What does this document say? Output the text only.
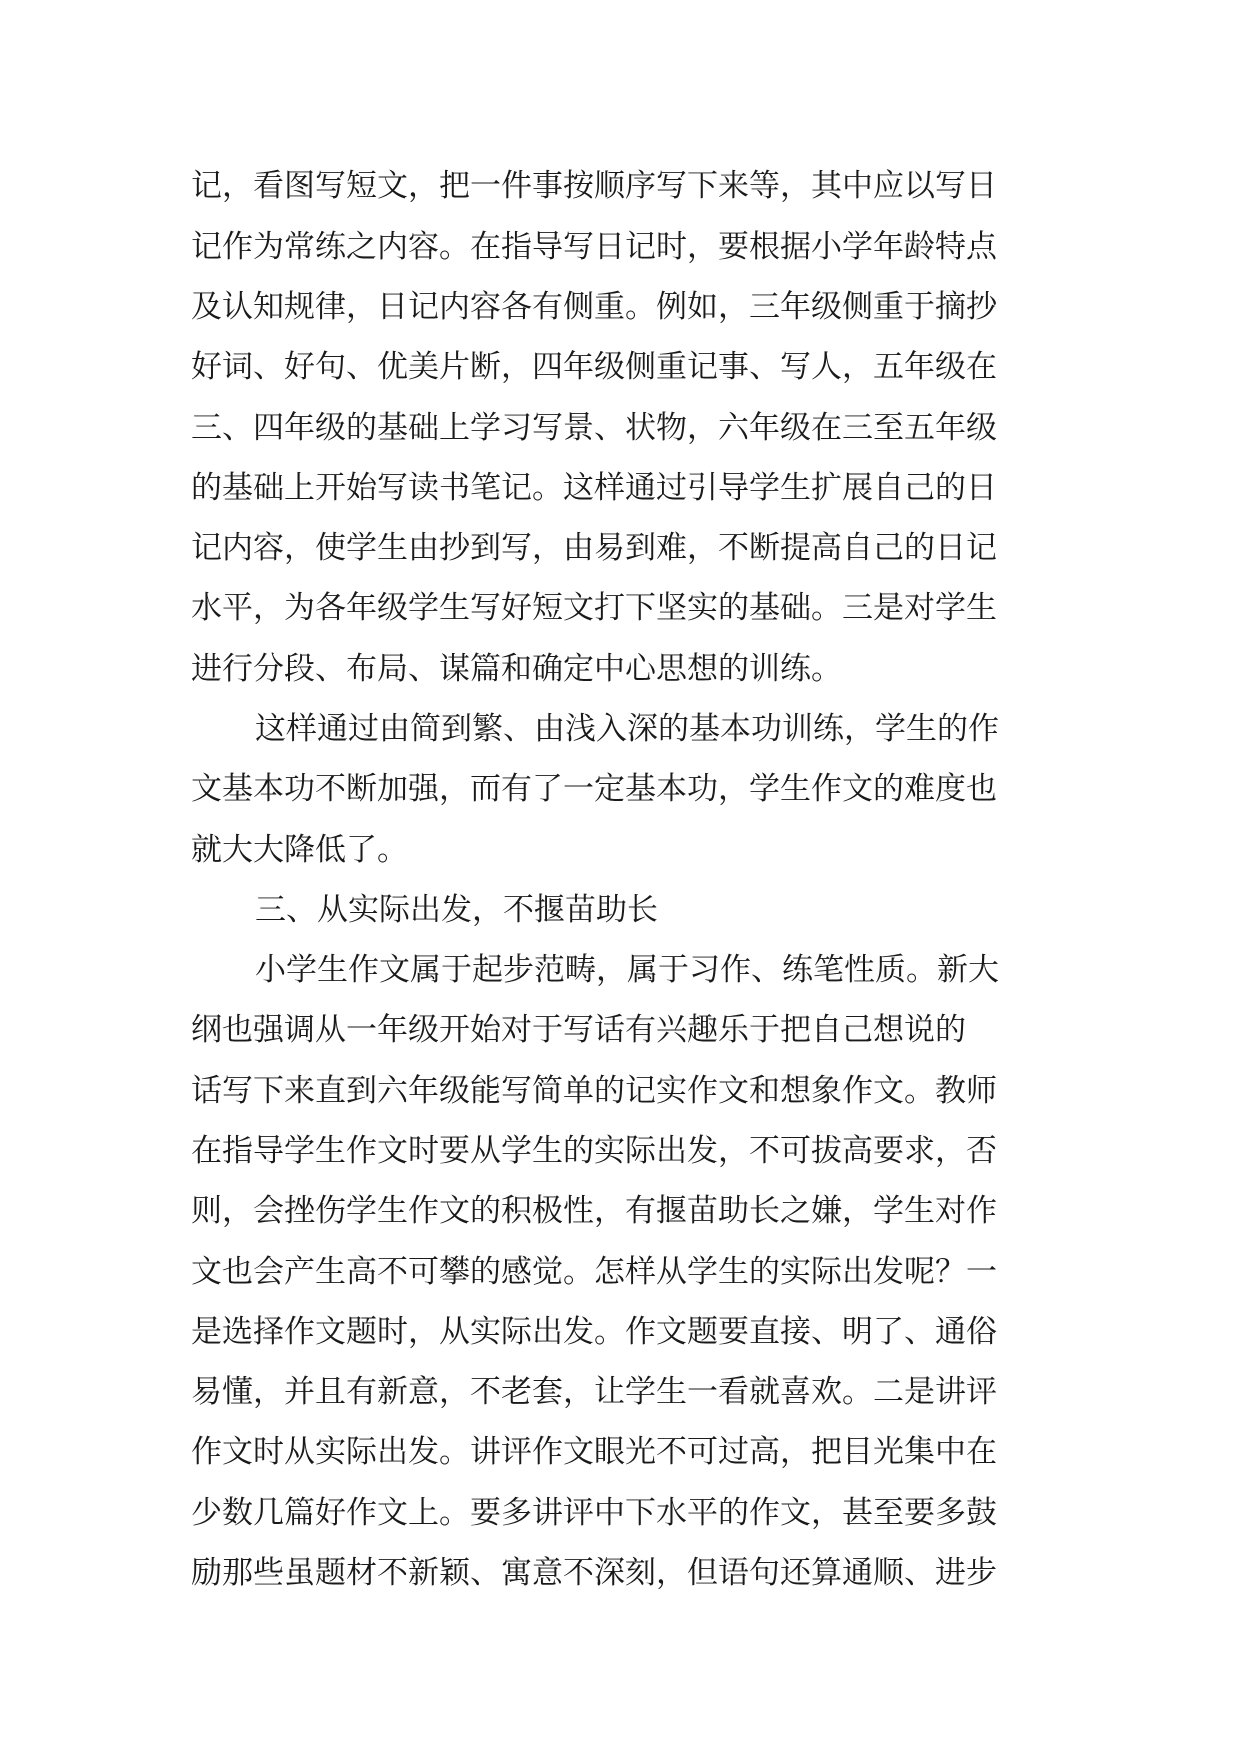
记，看图写短文，把一件事按顺序写下来等，其中应以写日
记作为常练之内容。在指导写日记时，要根据小学年龄特点
及认知规律，日记内容各有侧重。例如，三年级侧重于摘抄
好词、好句、优美片断，四年级侧重记事、写人，五年级在
三、四年级的基础上学习写景、状物，六年级在三至五年级
的基础上开始写读书笔记。这样通过引导学生扩展自己的日
记内容，使学生由抄到写，由易到难，不断提高自己的日记
水平，为各年级学生写好短文打下坚实的基础。三是对学生
进行分段、布局、谋篇和确定中心思想的训练。
这样通过由简到繁、由浅入深的基本功训练，学生的作
文基本功不断加强，而有了一定基本功，学生作文的难度也
就大大降低了。
三、从实际出发，不揠苗助长
小学生作文属于起步范畴，属于习作、练笔性质。新大
纲也强调从一年级开始对于写话有兴趣乐于把自己想说的
话写下来直到六年级能写简单的记实作文和想象作文。教师
在指导学生作文时要从学生的实际出发，不可拔高要求，否
则，会挫伤学生作文的积极性，有揠苗助长之嫌，学生对作
文也会产生高不可攀的感觉。怎样从学生的实际出发呢？一
是选择作文题时，从实际出发。作文题要直接、明了、通俗
易懂，并且有新意，不老套，让学生一看就喜欢。二是讲评
作文时从实际出发。讲评作文眼光不可过高，把目光集中在
少数几篇好作文上。要多讲评中下水平的作文，甚至要多鼓
励那些虽题材不新颖、寓意不深刻，但语句还算通顺、进步
